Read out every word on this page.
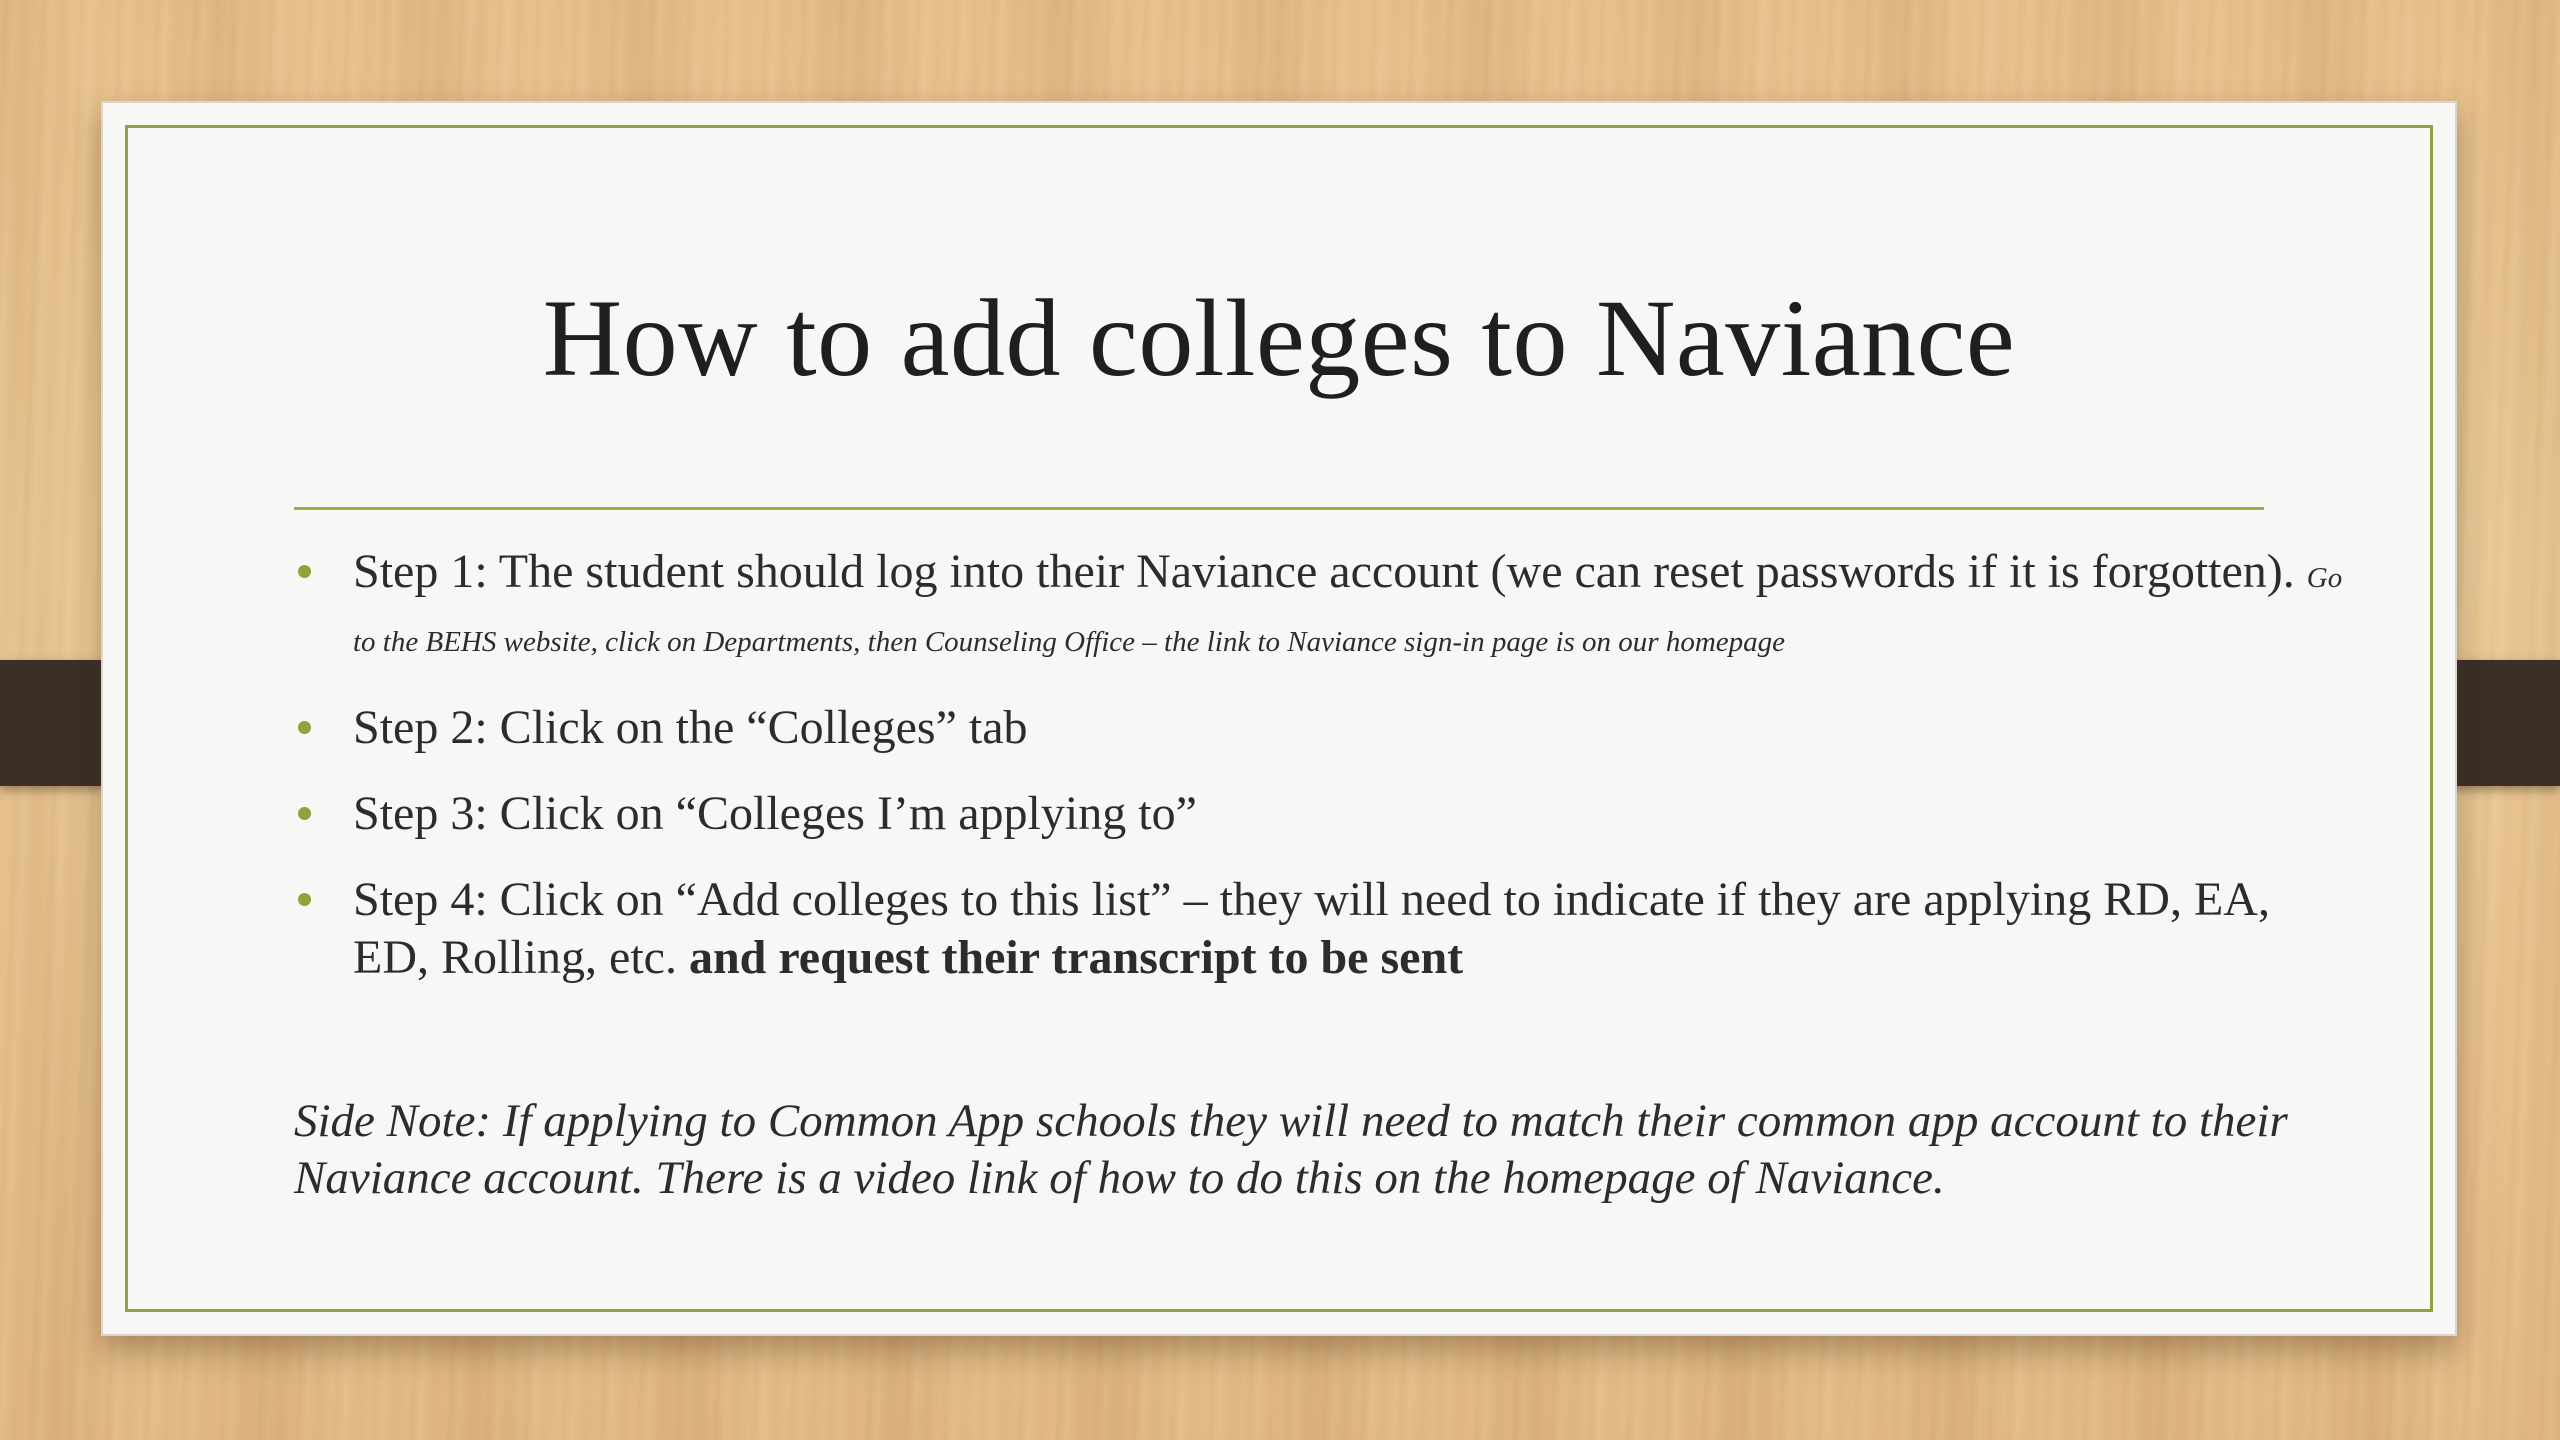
How to add colleges to Naviance
Step 1: The student should log into their Naviance account (we can reset passwords if it is forgotten). Go to the BEHS website, click on Departments, then Counseling Office – the link to Naviance sign-in page is on our homepage
Step 2: Click on the “Colleges” tab
Step 3: Click on “Colleges I’m applying to”
Step 4: Click on “Add colleges to this list” – they will need to indicate if they are applying RD, EA, ED, Rolling, etc. and request their transcript to be sent
Side Note: If applying to Common App schools they will need to match their common app account to their Naviance account. There is a video link of how to do this on the homepage of Naviance.
